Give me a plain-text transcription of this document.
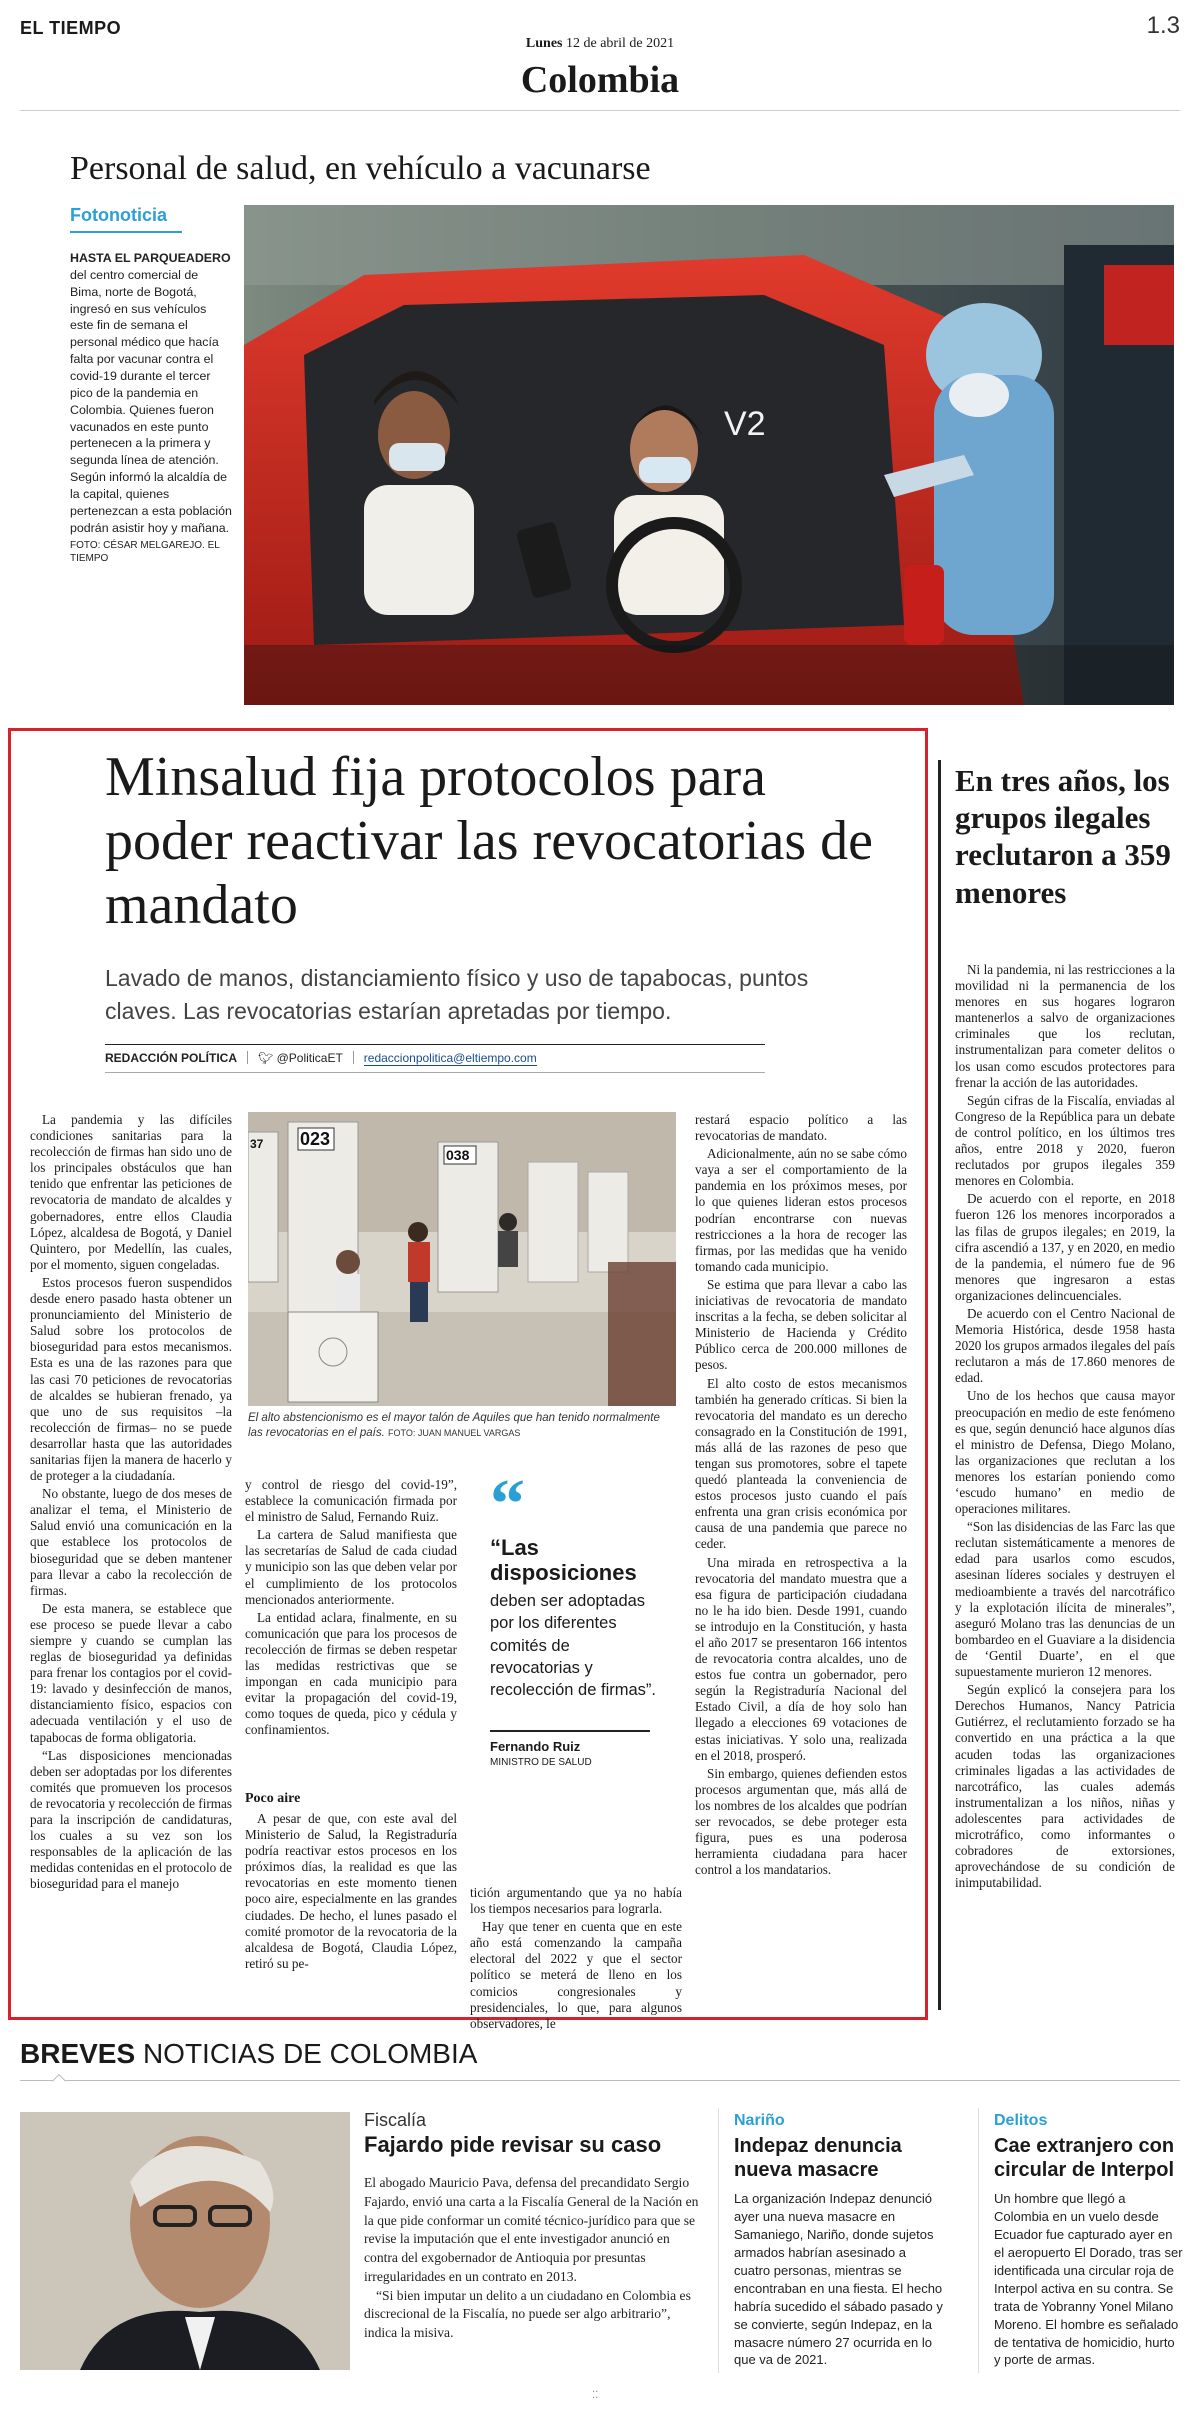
EL TIEMPO
Lunes 12 de abril de 2021
1.3
Colombia
Personal de salud, en vehículo a vacunarse
Fotonoticia
HASTA EL PARQUEADERO del centro comercial de Bima, norte de Bogotá, ingresó en sus vehículos este fin de semana el personal médico que hacía falta por vacunar contra el covid-19 durante el tercer pico de la pandemia en Colombia. Quienes fueron vacunados en este punto pertenecen a la primera y segunda línea de atención. Según informó la alcaldía de la capital, quienes pertenezcan a esta población podrán asistir hoy y mañana.
FOTO: CÉSAR MELGAREJO. EL TIEMPO
V2
Minsalud fija protocolos para poder reactivar las revocatorias de mandato
Lavado de manos, distanciamiento físico y uso de tapabocas, puntos claves. Las revocatorias estarían apretadas por tiempo.
REDACCIÓN POLÍTICA 🐦︎ @PoliticaET redaccionpolitica@eltiempo.com

La pandemia y las difíciles condiciones sanitarias para la recolección de firmas han sido uno de los principales obstáculos que han tenido que enfrentar las peticiones de revocatoria de mandato de alcaldes y gobernadores, entre ellos Claudia López, alcaldesa de Bogotá, y Daniel Quintero, por Medellín, las cuales, por el momento, siguen congeladas.

Estos procesos fueron suspendidos desde enero pasado hasta obtener un pronunciamiento del Ministerio de Salud sobre los protocolos de bioseguridad para estos mecanismos. Esta es una de las razones para que las casi 70 peticiones de revocatorias de alcaldes se hubieran frenado, ya que uno de sus requisitos –la recolección de firmas– no se puede desarrollar hasta que las autoridades sanitarias fijen la manera de hacerlo y de proteger a la ciudadanía.

No obstante, luego de dos meses de analizar el tema, el Ministerio de Salud envió una comunicación en la que establece los protocolos de bioseguridad que se deben mantener para llevar a cabo la recolección de firmas.

De esta manera, se establece que ese proceso se puede llevar a cabo siempre y cuando se cumplan las reglas de bioseguridad ya definidas para frenar los contagios por el covid-19: lavado y desinfección de manos, distanciamiento físico, espacios con adecuada ventilación y el uso de tapabocas de forma obligatoria.

“Las disposiciones mencionadas deben ser adoptadas por los diferentes comités que promueven los procesos de revocatoria y recolección de firmas para la inscripción de candidaturas, los cuales a su vez son los responsables de la aplicación de las medidas contenidas en el protocolo de bioseguridad para el manejo

023
038
37
El alto abstencionismo es el mayor talón de Aquiles que han tenido normalmente las revocatorias en el país. FOTO: JUAN MANUEL VARGAS

y control de riesgo del covid-19”, establece la comunicación firmada por el ministro de Salud, Fernando Ruiz.

La cartera de Salud manifiesta que las secretarías de Salud de cada ciudad y municipio son las que deben velar por el cumplimiento de los protocolos mencionados anteriormente.

La entidad aclara, finalmente, en su comunicación que para los procesos de recolección de firmas se deben respetar las medidas restrictivas que se impongan en cada municipio para evitar la propagación del covid-19, como toques de queda, pico y cédula y confinamientos.

Poco aire

A pesar de que, con este aval del Ministerio de Salud, la Registraduría podría reactivar estos procesos en los próximos días, la realidad es que las revocatorias en este momento tienen poco aire, especialmente en las grandes ciudades. De hecho, el lunes pasado el comité promotor de la revocatoria de la alcaldesa de Bogotá, Claudia López, retiró su pe-

“
“Las disposiciones
deben ser adoptadas por los diferentes comités de revocatorias y recolección de firmas”.
Fernando Ruiz
MINISTRO DE SALUD

tición argumentando que ya no había los tiempos necesarios para lograrla.

Hay que tener en cuenta que en este año está comenzando la campaña electoral del 2022 y que el sector político se meterá de lleno en los comicios congresionales y presidenciales, lo que, para algunos observadores, le

restará espacio político a las revocatorias de mandato.

Adicionalmente, aún no se sabe cómo vaya a ser el comportamiento de la pandemia en los próximos meses, por lo que quienes lideran estos procesos podrían encontrarse con nuevas restricciones a la hora de recoger las firmas, por las medidas que ha venido tomando cada municipio.

Se estima que para llevar a cabo las iniciativas de revocatoria de mandato inscritas a la fecha, se deben solicitar al Ministerio de Hacienda y Crédito Público cerca de 200.000 millones de pesos.

El alto costo de estos mecanismos también ha generado críticas. Si bien la revocatoria del mandato es un derecho consagrado en la Constitución de 1991, más allá de las razones de peso que tengan sus promotores, sobre el tapete quedó planteada la conveniencia de estos procesos justo cuando el país enfrenta una gran crisis económica por causa de una pandemia que parece no ceder.

Una mirada en retrospectiva a la revocatoria del mandato muestra que a esa figura de participación ciudadana no le ha ido bien. Desde 1991, cuando se introdujo en la Constitución, y hasta el año 2017 se presentaron 166 intentos de revocatoria contra alcaldes, uno de estos fue contra un gobernador, pero según la Registraduría Nacional del Estado Civil, a día de hoy solo han llegado a elecciones 69 votaciones de estas iniciativas. Y solo una, realizada en el 2018, prosperó.

Sin embargo, quienes defienden estos procesos argumentan que, más allá de los nombres de los alcaldes que podrían ser revocados, se debe proteger esta figura, pues es una poderosa herramienta ciudadana para hacer control a los mandatarios.

En tres años, los grupos ilegales reclutaron a 359 menores

Ni la pandemia, ni las restricciones a la movilidad ni la permanencia de los menores en sus hogares lograron mantenerlos a salvo de organizaciones criminales que los reclutan, instrumentalizan para cometer delitos o los usan como escudos protectores para frenar la acción de las autoridades.

Según cifras de la Fiscalía, enviadas al Congreso de la República para un debate de control político, en los últimos tres años, entre 2018 y 2020, fueron reclutados por grupos ilegales 359 menores en Colombia.

De acuerdo con el reporte, en 2018 fueron 126 los menores incorporados a las filas de grupos ilegales; en 2019, la cifra ascendió a 137, y en 2020, en medio de la pandemia, el número fue de 96 menores que ingresaron a estas organizaciones delincuenciales.

De acuerdo con el Centro Nacional de Memoria Histórica, desde 1958 hasta 2020 los grupos armados ilegales del país reclutaron a más de 17.860 menores de edad.

Uno de los hechos que causa mayor preocupación en medio de este fenómeno es que, según denunció hace algunos días el ministro de Defensa, Diego Molano, las organizaciones que reclutan a los menores los estarían poniendo como ‘escudo humano’ en medio de operaciones militares.

“Son las disidencias de las Farc las que reclutan sistemáticamente a menores de edad para usarlos como escudos, asesinan líderes sociales y destruyen el medioambiente a través del narcotráfico y la explotación ilícita de minerales”, aseguró Molano tras las denuncias de un bombardeo en el Guaviare a la disidencia de ‘Gentil Duarte’, en el que supuestamente murieron 12 menores.

Según explicó la consejera para los Derechos Humanos, Nancy Patricia Gutiérrez, el reclutamiento forzado se ha convertido en una práctica a la que acuden todas las organizaciones criminales ligadas a las actividades de narcotráfico, las cuales además instrumentalizan a los niños, niñas y adolescentes para actividades de microtráfico, como informantes o cobradores de extorsiones, aprovechándose de su condición de inimputabilidad.

BREVES NOTICIAS DE COLOMBIA
Fiscalía
Fajardo pide revisar su caso

El abogado Mauricio Pava, defensa del precandidato Sergio Fajardo, envió una carta a la Fiscalía General de la Nación en la que pide conformar un comité técnico-jurídico para que se revise la imputación que el ente investigador anunció en contra del exgobernador de Antioquia por presuntas irregularidades en un contrato en 2013.

“Si bien imputar un delito a un ciudadano en Colombia es discrecional de la Fiscalía, no puede ser algo arbitrario”, indica la misiva.

Nariño
Indepaz denuncia nueva masacre
La organización Indepaz denunció ayer una nueva masacre en Samaniego, Nariño, donde sujetos armados habrían asesinado a cuatro personas, mientras se encontraban en una fiesta. El hecho habría sucedido el sábado pasado y se convierte, según Indepaz, en la masacre número 27 ocurrida en lo que va de 2021.
Delitos
Cae extranjero con circular de Interpol
Un hombre que llegó a Colombia en un vuelo desde Ecuador fue capturado ayer en el aeropuerto El Dorado, tras ser identificada una circular roja de Interpol activa en su contra. Se trata de Yobranny Yonel Milano Moreno. El hombre es señalado de tentativa de homicidio, hurto y porte de armas.
⁚⁚
